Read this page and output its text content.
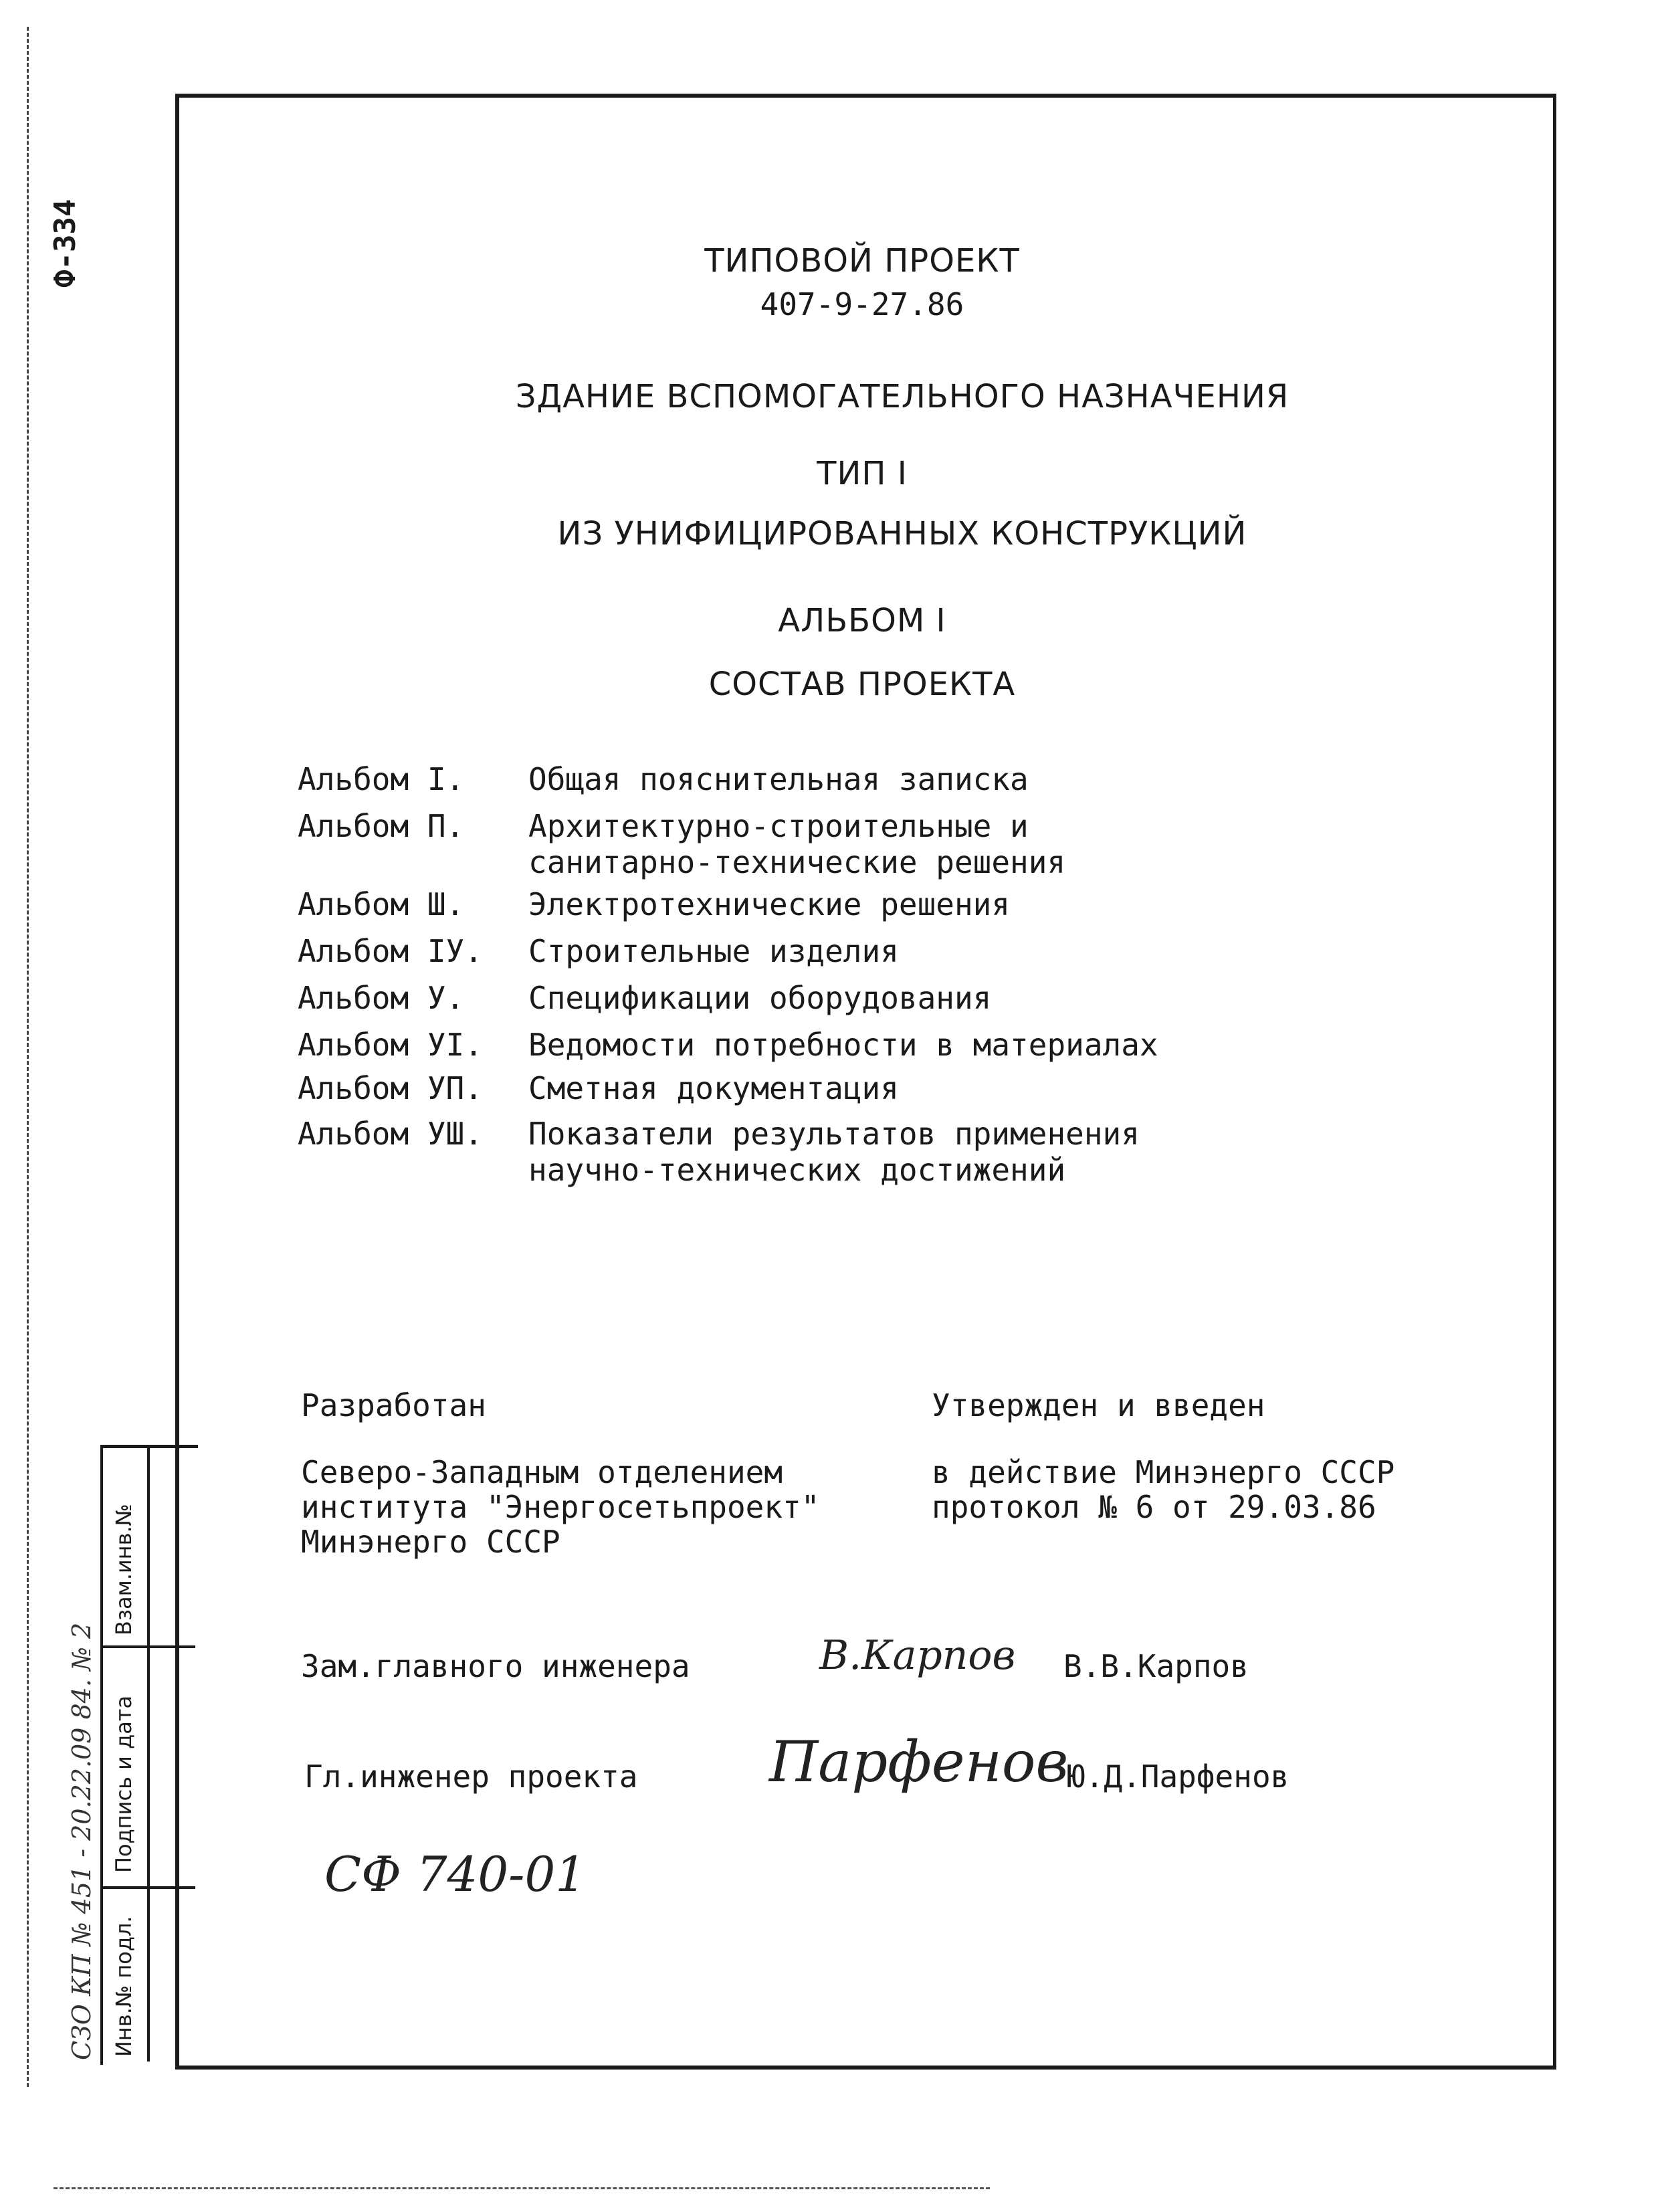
Ф-334
Взам.инв.№
Подпись и дата
Инв.№ подл.
СЗО КП № 451 - 20.22.09 84. № 2
ТИПОВОЙ ПРОЕКТ
407-9-27.86
ЗДАНИЕ ВСПОМОГАТЕЛЬНОГО НАЗНАЧЕНИЯ
ТИП I
ИЗ УНИФИЦИРОВАННЫХ КОНСТРУКЦИЙ
АЛЬБОМ I
СОСТАВ ПРОЕКТА
Альбом I. Общая пояснительная записка
Альбом П. Архитектурно-строительные и
санитарно-технические решения
Альбом Ш. Электротехнические решения
Альбом IУ. Строительные изделия
Альбом У. Спецификации оборудования
Альбом УI. Ведомости потребности в материалах
Альбом УП. Сметная документация
Альбом УШ. Показатели результатов применения
научно-технических достижений
Разработан
Северо-Западным отделением
института "Энергосетьпроект"
Минэнерго СССР
Утвержден и введен
в действие Минэнерго СССР
протокол № 6 от 29.03.86
Зам.главного инженера	В.Карпов В.В.Карпов
Гл.инженер проекта Парфенов
Ю.Д.Парфенов
СФ 740-01
